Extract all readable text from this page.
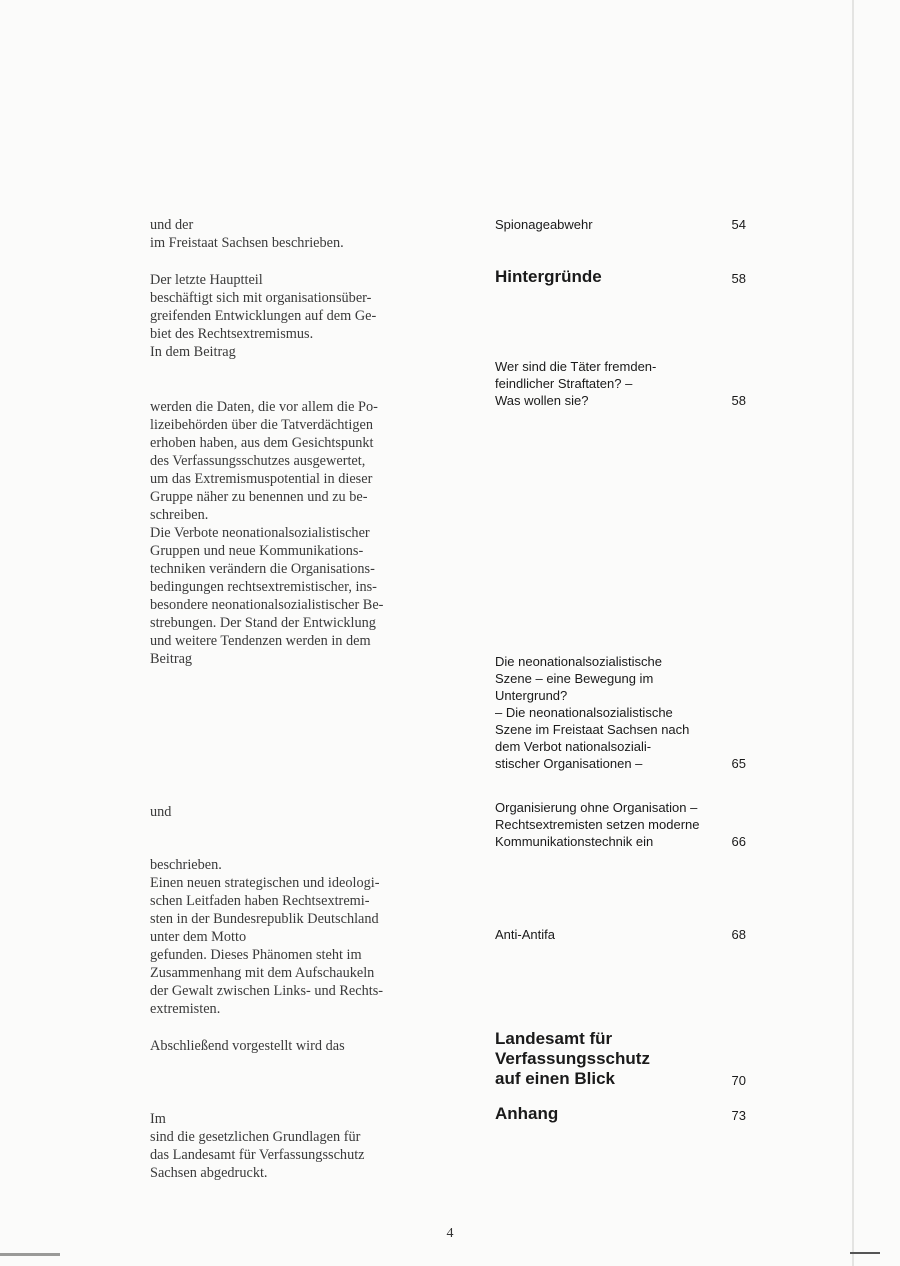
und der
im Freistaat Sachsen beschrieben.

Der letzte Hauptteil
beschäftigt sich mit organisationsüber-
greifenden Entwicklungen auf dem Ge-
biet des Rechtsextremismus.
In dem Beitrag

werden die Daten, die vor allem die Po-
lizeibehörden über die Tatverdächtigen
erhoben haben, aus dem Gesichtspunkt
des Verfassungsschutzes ausgewertet,
um das Extremismuspotential in dieser
Gruppe näher zu benennen und zu be-
schreiben.
Die Verbote neonationalsozialistischer
Gruppen und neue Kommunikations-
techniken verändern die Organisations-
bedingungen rechtsextremistischer, ins-
besondere neonationalsozialistischer Be-
strebungen. Der Stand der Entwicklung
und weitere Tendenzen werden in dem
Beitrag

und

beschrieben.
Einen neuen strategischen und ideologi-
schen Leitfaden haben Rechtsextremi-
sten in der Bundesrepublik Deutschland
unter dem Motto
gefunden. Dieses Phänomen steht im
Zusammenhang mit dem Aufschaukeln
der Gewalt zwischen Links- und Rechts-
extremisten.

Abschließend vorgestellt wird das

Im
sind die gesetzlichen Grundlagen für
das Landesamt für Verfassungsschutz
Sachsen abgedruckt.

Spionageabwehr	54
Hintergründe	58
Wer sind die Täter fremden-
feindlicher Straftaten? –
Was wollen sie?	58
Die neonationalsozialistische
Szene – eine Bewegung im
Untergrund?
– Die neonationalsozialistische
Szene im Freistaat Sachsen nach
dem Verbot nationalsoziali-
stischer Organisationen –	65
Organisierung ohne Organisation –
Rechtsextremisten setzen moderne
Kommunikationstechnik ein	66
Anti-Antifa	68
Landesamt für
Verfassungsschutz
auf einen Blick	70
Anhang	73
4
